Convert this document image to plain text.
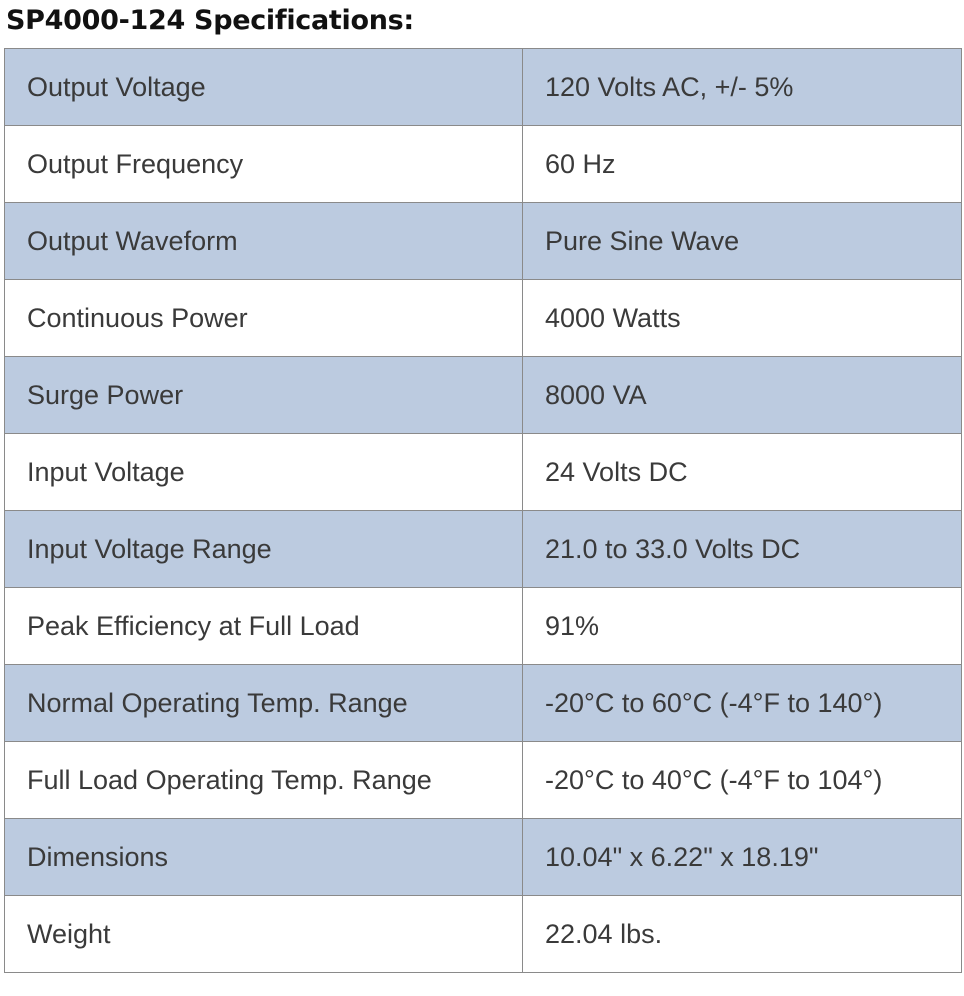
SP4000-124 Specifications:
Output Voltage	120 Volts AC, +/- 5%
Output Frequency	60 Hz
Output Waveform	Pure Sine Wave
Continuous Power	4000 Watts
Surge Power	8000 VA
Input Voltage	24 Volts DC
Input Voltage Range	21.0 to 33.0 Volts DC
Peak Efficiency at Full Load	91%
Normal Operating Temp. Range	-20°C to 60°C (-4°F to 140°)
Full Load Operating Temp. Range	-20°C to 40°C (-4°F to 104°)
Dimensions	10.04" x 6.22" x 18.19"
Weight	22.04 lbs.
